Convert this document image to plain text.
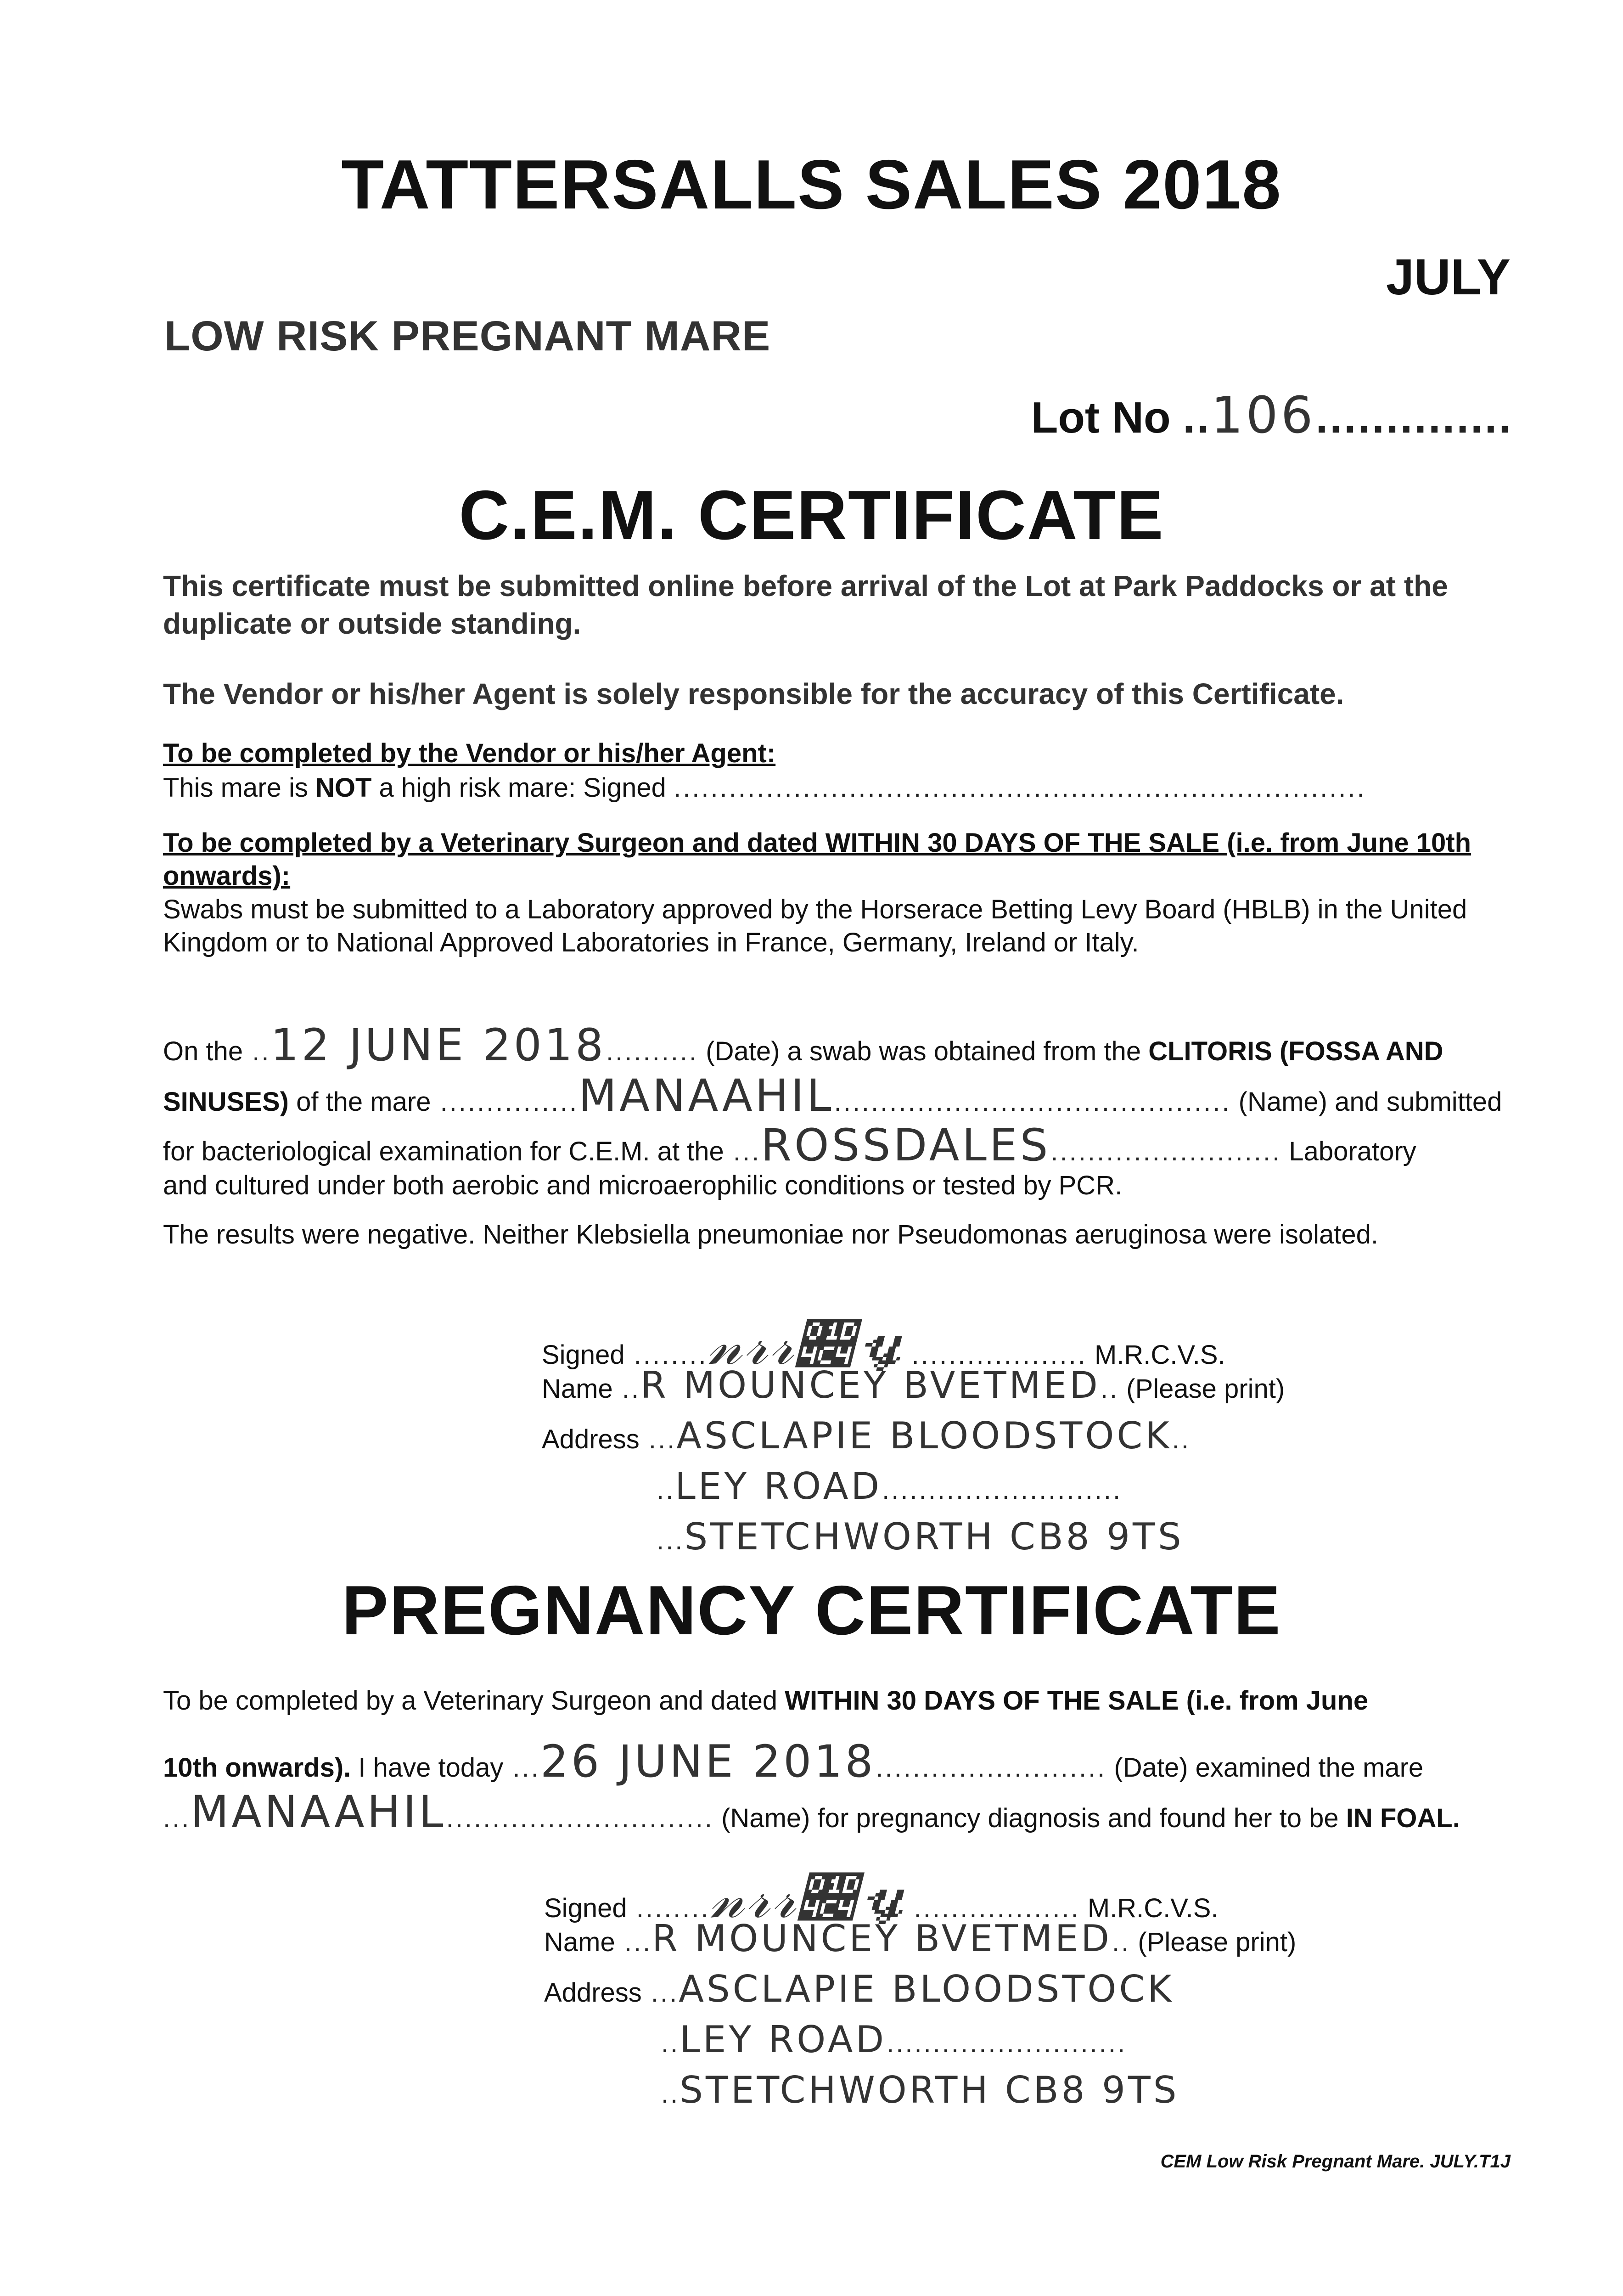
TATTERSALLS SALES 2018
JULY
LOW RISK PREGNANT MARE
Lot No ..106..............
C.E.M. CERTIFICATE
This certificate must be submitted online before arrival of the Lot at Park Paddocks or at the duplicate or outside standing.
The Vendor or his/her Agent is solely responsible for the accuracy of this Certificate.
To be completed by the Vendor or his/her Agent:
This mare is NOT a high risk mare: Signed ...........................................................................
To be completed by a Veterinary Surgeon and dated WITHIN 30 DAYS OF THE SALE (i.e. from June 10th onwards):
Swabs must be submitted to a Laboratory approved by the Horserace Betting Levy Board (HBLB) in the United Kingdom or to National Approved Laboratories in France, Germany, Ireland or Italy.
On the ..12 JUNE 2018.......... (Date) a swab was obtained from the CLITORIS (FOSSA AND
SINUSES) of the mare ...............MANAAHIL........................................... (Name) and submitted
for bacteriological examination for C.E.M. at the ...ROSSDALES......................... Laboratory
and cultured under both aerobic and microaerophilic conditions or tested by PCR.
The results were negative. Neither Klebsiella pneumoniae nor Pseudomonas aeruginosa were isolated.
Signed ........𝓃𝓇𝓇𝓄𝓎................... M.R.C.V.S.
Name ..R MOUNCEY BVETMED.. (Please print)
Address ...ASCLAPIE BLOODSTOCK..
..LEY ROAD..........................
...STETCHWORTH CB8 9TS
PREGNANCY CERTIFICATE
To be completed by a Veterinary Surgeon and dated WITHIN 30 DAYS OF THE SALE (i.e. from June
10th onwards). I have today ...26 JUNE 2018......................... (Date) examined the mare
...MANAAHIL............................. (Name) for pregnancy diagnosis and found her to be IN FOAL.
Signed ........𝓃𝓇𝓇𝓄𝓎.................. M.R.C.V.S.
Name ...R MOUNCEY BVETMED.. (Please print)
Address ...ASCLAPIE BLOODSTOCK
..LEY ROAD..........................
..STETCHWORTH CB8 9TS
CEM Low Risk Pregnant Mare. JULY.T1J
